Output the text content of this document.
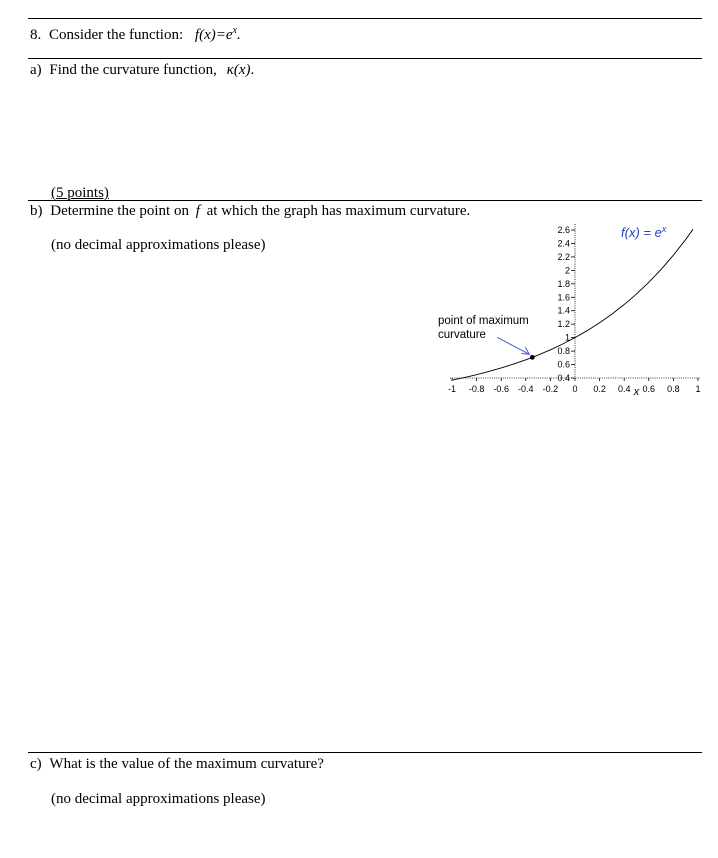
8. Consider the function: $f(x)=e^x$.
a) Find the curvature function, κ(x).
(5 points)
b) Determine the point on f at which the graph has maximum curvature.
(no decimal approximations please)
0.4
0.6
0.8
1
1.2
1.4
1.6
1.8
2
2.2
2.4
2.6
-1 -0.8 -0.6 -0.4 -0.2 0 0.2 0.4 0.6 0.8 1
point of maximum
curvature
$f(x) = e^x$
x
c) What is the value of the maximum curvature?
(no decimal approximations please)
